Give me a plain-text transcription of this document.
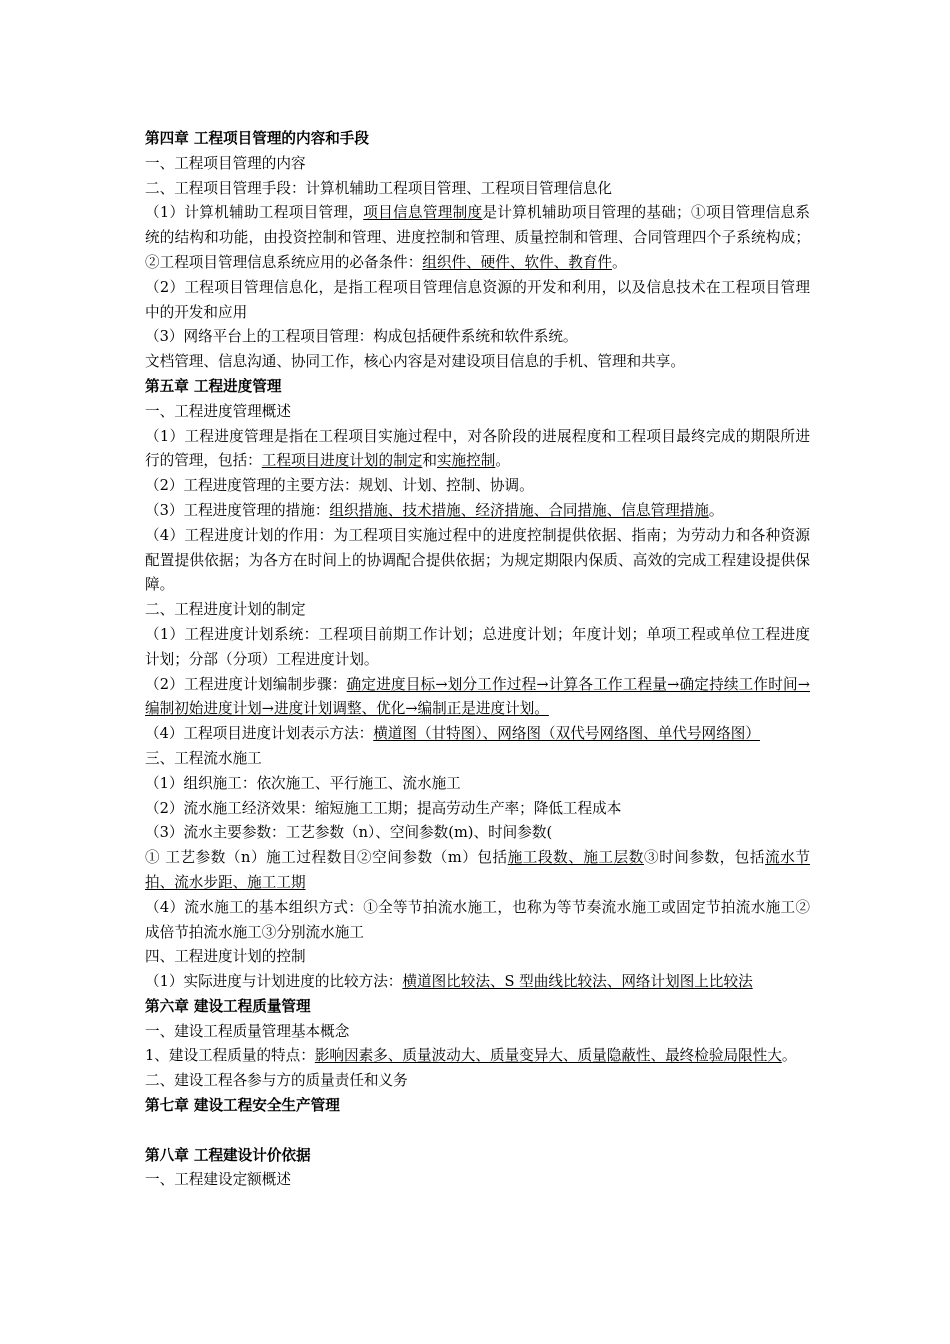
第四章 工程项目管理的内容和手段

一、工程项目管理的内容

二、工程项目管理手段：计算机辅助工程项目管理、工程项目管理信息化

（1）计算机辅助工程项目管理，项目信息管理制度是计算机辅助项目管理的基础；①项目管理信息系统的结构和功能，由投资控制和管理、进度控制和管理、质量控制和管理、合同管理四个子系统构成；②工程项目管理信息系统应用的必备条件：组织件、硬件、软件、教育件。

（2）工程项目管理信息化，是指工程项目管理信息资源的开发和利用，以及信息技术在工程项目管理中的开发和应用

（3）网络平台上的工程项目管理：构成包括硬件系统和软件系统。

文档管理、信息沟通、协同工作，核心内容是对建设项目信息的手机、管理和共享。

第五章 工程进度管理

一、工程进度管理概述

（1）工程进度管理是指在工程项目实施过程中，对各阶段的进展程度和工程项目最终完成的期限所进行的管理，包括：工程项目进度计划的制定和实施控制。

（2）工程进度管理的主要方法：规划、计划、控制、协调。

（3）工程进度管理的措施：组织措施、技术措施、经济措施、合同措施、信息管理措施。

（4）工程进度计划的作用：为工程项目实施过程中的进度控制提供依据、指南；为劳动力和各种资源配置提供依据；为各方在时间上的协调配合提供依据；为规定期限内保质、高效的完成工程建设提供保障。

二、工程进度计划的制定

（1）工程进度计划系统：工程项目前期工作计划；总进度计划；年度计划；单项工程或单位工程进度计划；分部（分项）工程进度计划。

（2）工程进度计划编制步骤：确定进度目标→划分工作过程→计算各工作工程量→确定持续工作时间→编制初始进度计划→进度计划调整、优化→编制正是进度计划。

（4）工程项目进度计划表示方法：横道图（甘特图）、网络图（双代号网络图、单代号网络图）

三、工程流水施工

（1）组织施工：依次施工、平行施工、流水施工

（2）流水施工经济效果：缩短施工工期；提高劳动生产率；降低工程成本

（3）流水主要参数：工艺参数（n）、空间参数(m)、时间参数(

① 工艺参数（n）施工过程数目②空间参数（m）包括施工段数、施工层数③时间参数，包括流水节拍、流水步距、施工工期

（4）流水施工的基本组织方式：①全等节拍流水施工，也称为等节奏流水施工或固定节拍流水施工②成倍节拍流水施工③分别流水施工

四、工程进度计划的控制

（1）实际进度与计划进度的比较方法：横道图比较法、S 型曲线比较法、网络计划图上比较法

第六章 建设工程质量管理

一、建设工程质量管理基本概念

1、建设工程质量的特点：影响因素多、质量波动大、质量变异大、质量隐蔽性、最终检验局限性大。

二、建设工程各参与方的质量责任和义务

第七章 建设工程安全生产管理

第八章 工程建设计价依据

一、工程建设定额概述
